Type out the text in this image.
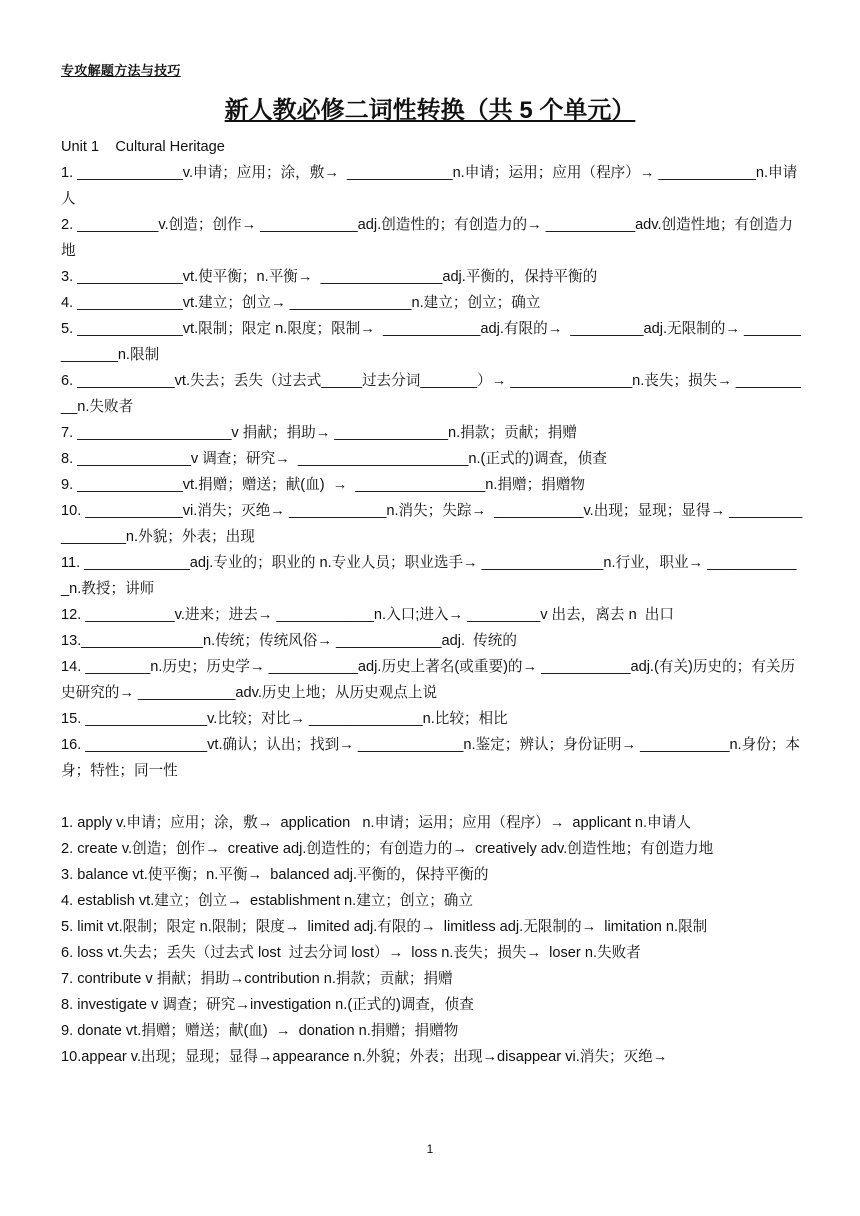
专攻解题方法与技巧
新人教必修二词性转换（共 5 个单元）
Unit 1    Cultural Heritage
1. _____________v.申请；应用；涂，敷→  _____________n.申请；运用；应用（程序）→ ____________n.申请人
2. __________v.创造；创作→ ____________adj.创造性的；有创造力的→ ___________adv.创造性地；有创造力地
3. _____________vt.使平衡；n.平衡→  _______________adj.平衡的，保持平衡的
4. _____________vt.建立；创立→ _______________n.建立；创立；确立
5. _____________vt.限制；限定 n.限度；限制→  ____________adj.有限的→  _________adj.无限制的→ ______________n.限制
6. ____________vt.失去；丢失（过去式_____过去分词_______）→ _______________n.丧失；损失→ __________n.失败者
7. ___________________v 捐献；捐助→ ______________n.捐款；贡献；捐赠
8. ______________v 调查；研究→  _____________________n.(正式的)调查，侦查
9. _____________vt.捐赠；赠送；献(血)  →  ________________n.捐赠；捐赠物
10. ____________vi.消失；灭绝→ ____________n.消失；失踪→  ___________v.出现；显现；显得→ _________________n.外貌；外表；出现
11. _____________adj.专业的；职业的 n.专业人员；职业选手→ _______________n.行业，职业→ ____________n.教授；讲师
12. ___________v.进来；进去→ ____________n.入口;进入→ _________v 出去，离去 n  出口
13._______________n.传统；传统风俗→ _____________adj.  传统的
14. ________n.历史；历史学→ ___________adj.历史上著名(或重要)的→ ___________adj.(有关)历史的；有关历史研究的→ ____________adv.历史上地；从历史观点上说
15. _______________v.比较；对比→ ______________n.比较；相比
16. _______________vt.确认；认出；找到→ _____________n.鉴定；辨认；身份证明→ ___________n.身份；本身；特性；同一性
1. apply v.申请；应用；涂，敷→  application   n.申请；运用；应用（程序）→  applicant n.申请人
2. create v.创造；创作→  creative adj.创造性的；有创造力的→  creatively adv.创造性地；有创造力地
3. balance vt.使平衡；n.平衡→  balanced adj.平衡的，保持平衡的
4. establish vt.建立；创立→  establishment n.建立；创立；确立
5. limit vt.限制；限定 n.限制；限度→  limited adj.有限的→  limitless adj.无限制的→  limitation n.限制
6. loss vt.失去；丢失（过去式 lost  过去分词 lost）→  loss n.丧失；损失→  loser n.失败者
7. contribute v 捐献；捐助→contribution n.捐款；贡献；捐赠
8. investigate v 调查；研究→investigation n.(正式的)调查，侦查
9. donate vt.捐赠；赠送；献(血)  →  donation n.捐赠；捐赠物
10.appear v.出现；显现；显得→appearance n.外貌；外表；出现→disappear vi.消失；灭绝→
1
